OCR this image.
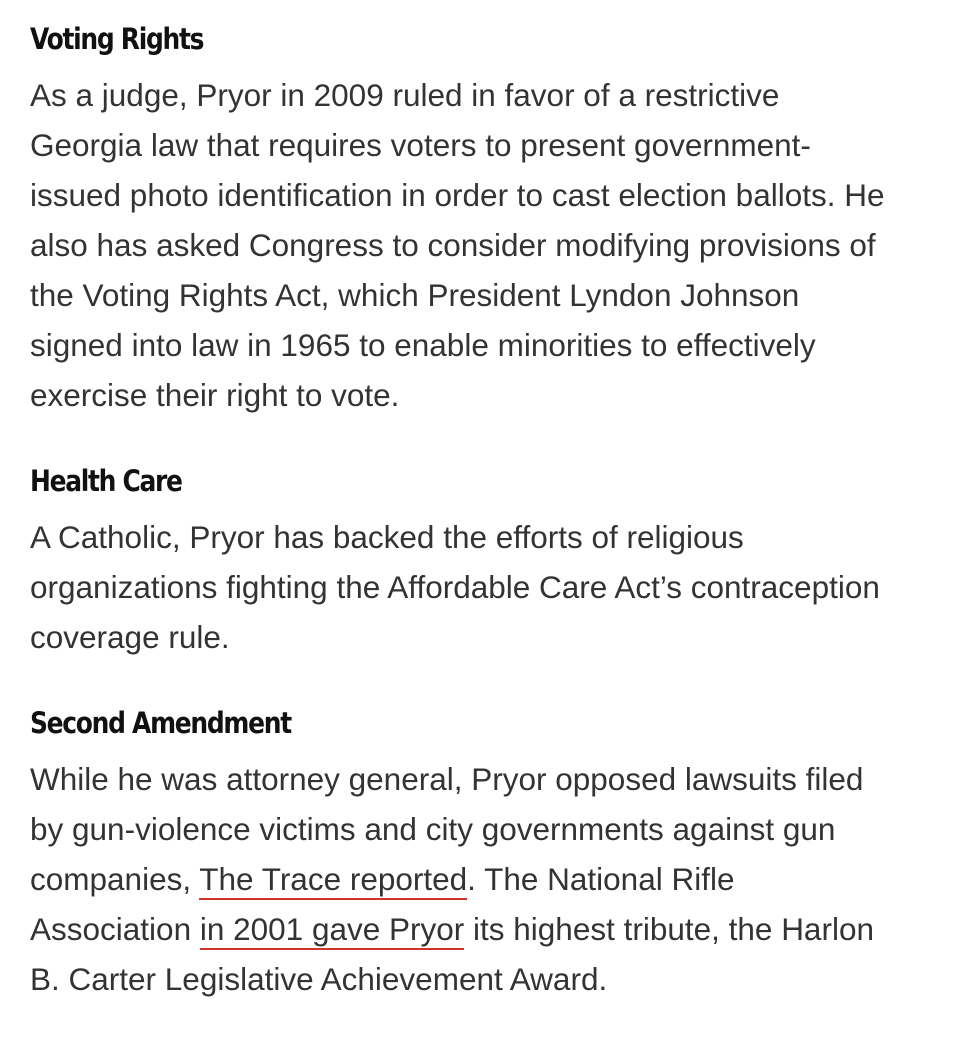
Voting Rights

As a judge, Pryor in 2009 ruled in favor of a restrictive
Georgia law that requires voters to present government-
issued photo identification in order to cast election ballots. He
also has asked Congress to consider modifying provisions of
the Voting Rights Act, which President Lyndon Johnson
signed into law in 1965 to enable minorities to effectively
exercise their right to vote.

Health Care

A Catholic, Pryor has backed the efforts of religious
organizations fighting the Affordable Care Act’s contraception
coverage rule.

Second Amendment

While he was attorney general, Pryor opposed lawsuits filed
by gun-violence victims and city governments against gun
companies, The Trace reported. The National Rifle
Association in 2001 gave Pryor its highest tribute, the Harlon
B. Carter Legislative Achievement Award.
